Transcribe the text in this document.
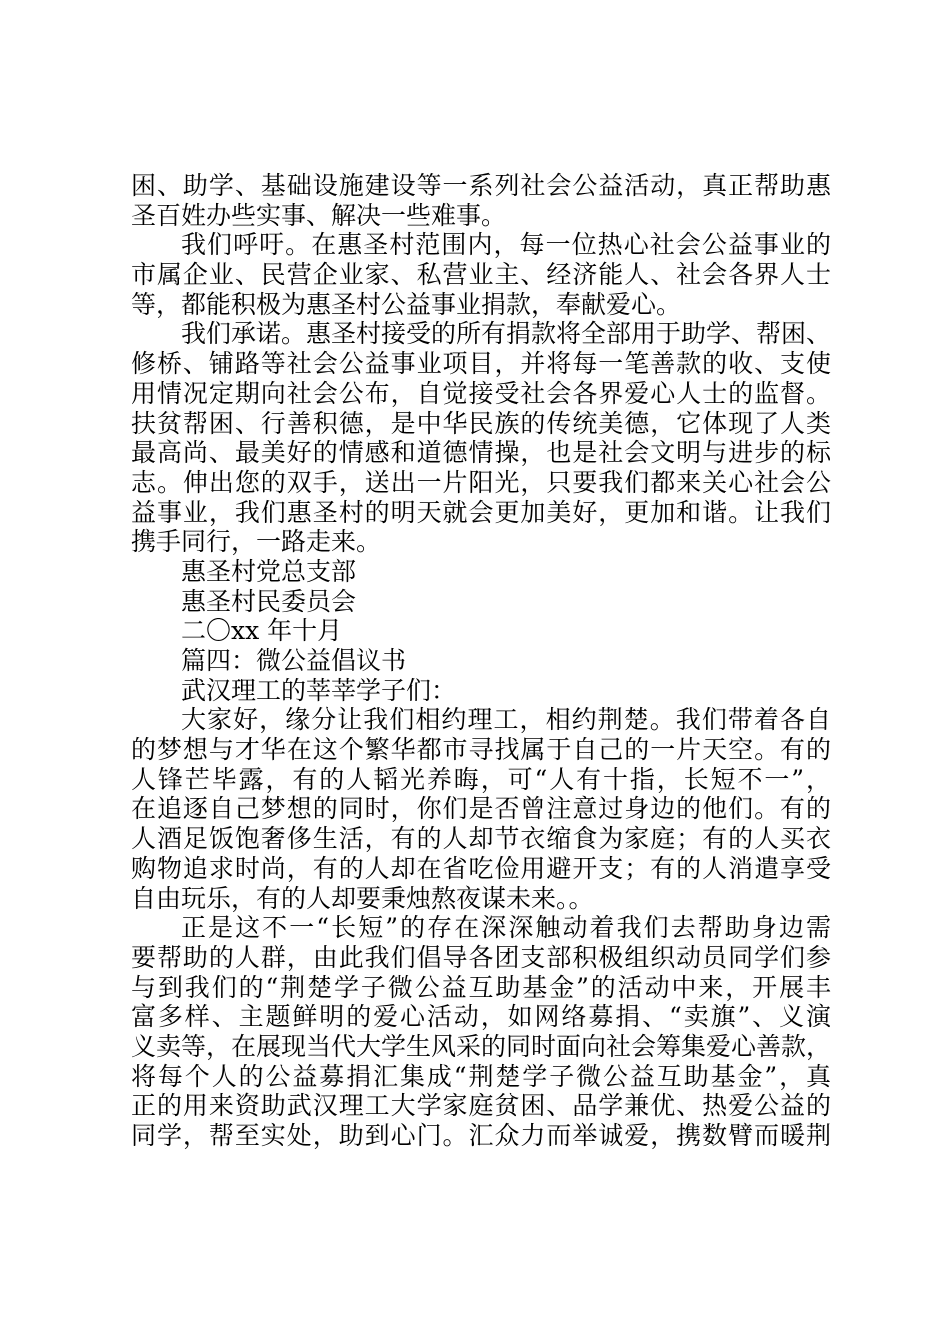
困、助学、基础设施建设等一系列社会公益活动，真正帮助惠
圣百姓办些实事、解决一些难事。
我们呼吁。在惠圣村范围内，每一位热心社会公益事业的
市属企业、民营企业家、私营业主、经济能人、社会各界人士
等，都能积极为惠圣村公益事业捐款，奉献爱心。
我们承诺。惠圣村接受的所有捐款将全部用于助学、帮困、
修桥、铺路等社会公益事业项目，并将每一笔善款的收、支使
用情况定期向社会公布，自觉接受社会各界爱心人士的监督。
扶贫帮困、行善积德，是中华民族的传统美德，它体现了人类
最高尚、最美好的情感和道德情操，也是社会文明与进步的标
志。伸出您的双手，送出一片阳光，只要我们都来关心社会公
益事业，我们惠圣村的明天就会更加美好，更加和谐。让我们
携手同行，一路走来。
惠圣村党总支部
惠圣村民委员会
二〇xx 年十月
篇四：微公益倡议书
武汉理工的莘莘学子们：
大家好，缘分让我们相约理工，相约荆楚。我们带着各自
的梦想与才华在这个繁华都市寻找属于自己的一片天空。有的
人锋芒毕露，有的人韬光养晦，可“人有十指，长短不一”，
在追逐自己梦想的同时，你们是否曾注意过身边的他们。有的
人酒足饭饱奢侈生活，有的人却节衣缩食为家庭；有的人买衣
购物追求时尚，有的人却在省吃俭用避开支；有的人消遣享受
自由玩乐，有的人却要秉烛熬夜谋未来。。
正是这不一“长短”的存在深深触动着我们去帮助身边需
要帮助的人群，由此我们倡导各团支部积极组织动员同学们参
与到我们的“荆楚学子微公益互助基金”的活动中来，开展丰
富多样、主题鲜明的爱心活动，如网络募捐、“卖旗”、义演
义卖等，在展现当代大学生风采的同时面向社会筹集爱心善款，
将每个人的公益募捐汇集成“荆楚学子微公益互助基金”，真
正的用来资助武汉理工大学家庭贫困、品学兼优、热爱公益的
同学，帮至实处，助到心门。汇众力而举诚爱，携数臂而暖荆
